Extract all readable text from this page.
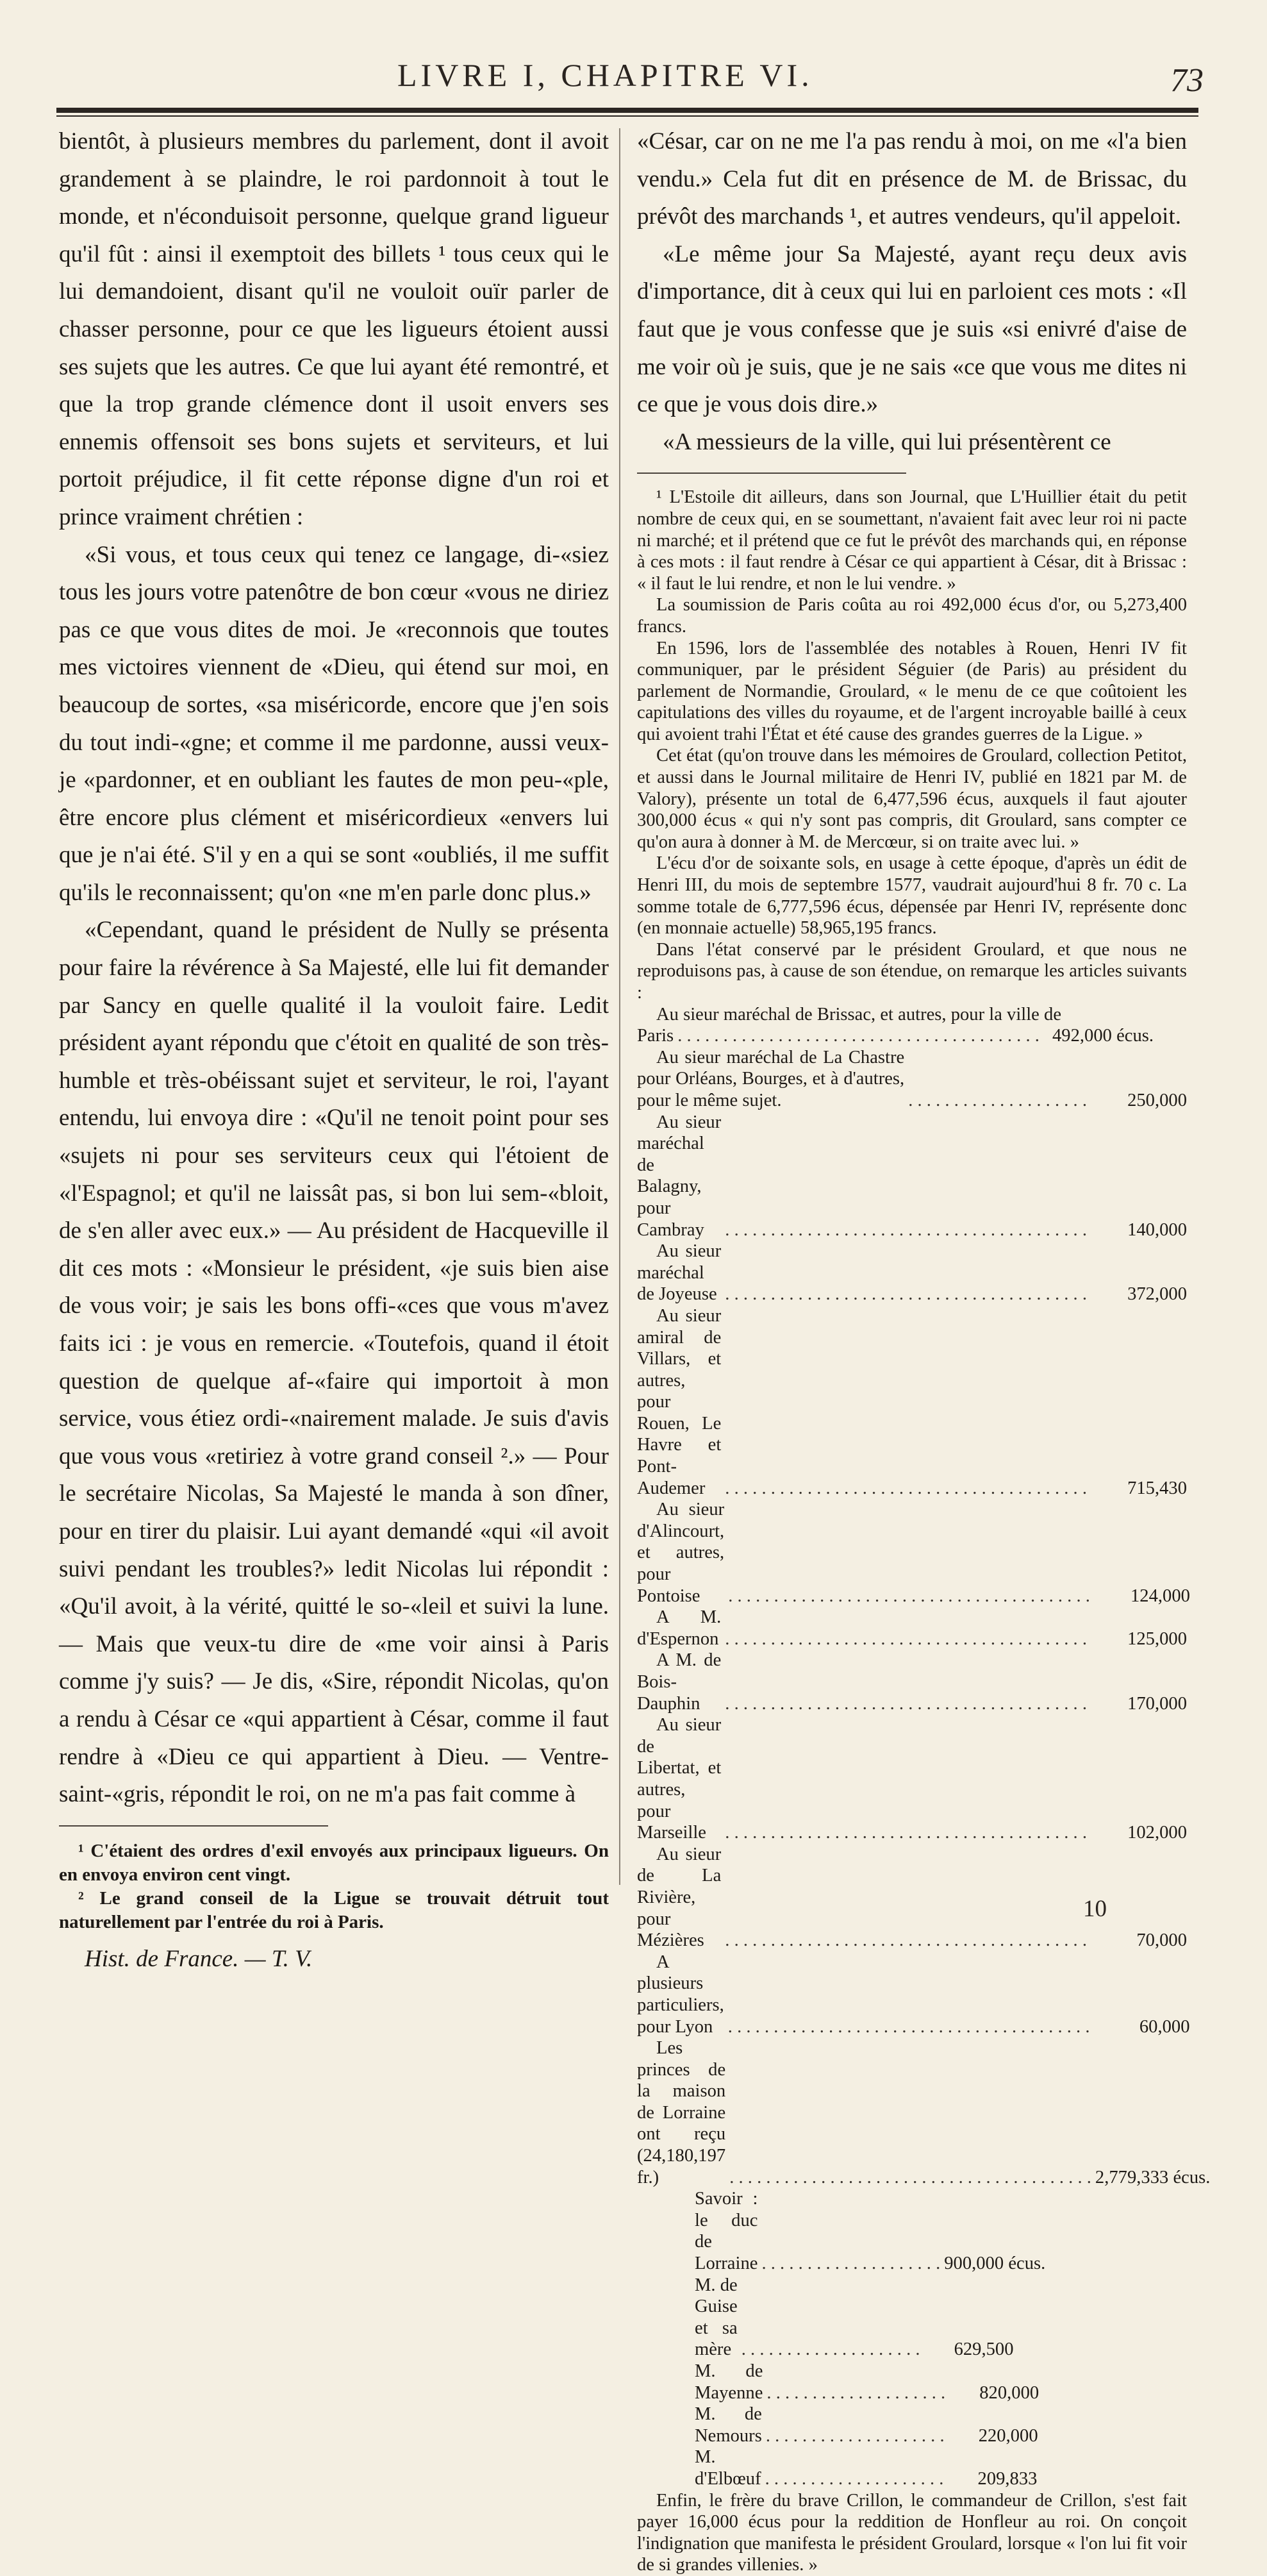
LIVRE I, CHAPITRE VI.	73

bientôt, à plusieurs membres du parlement, dont il avoit grandement à se plaindre, le roi pardonnoit à tout le monde, et n'éconduisoit personne, quelque grand ligueur qu'il fût : ainsi il exemptoit des billets ¹ tous ceux qui le lui demandoient, disant qu'il ne vouloit ouïr parler de chasser personne, pour ce que les ligueurs étoient aussi ses sujets que les autres. Ce que lui ayant été remontré, et que la trop grande clémence dont il usoit envers ses ennemis offensoit ses bons sujets et serviteurs, et lui portoit préjudice, il fit cette réponse digne d'un roi et prince vraiment chrétien :

«Si vous, et tous ceux qui tenez ce langage, di-«siez tous les jours votre patenôtre de bon cœur «vous ne diriez pas ce que vous dites de moi. Je «reconnois que toutes mes victoires viennent de «Dieu, qui étend sur moi, en beaucoup de sortes, «sa miséricorde, encore que j'en sois du tout indi-«gne; et comme il me pardonne, aussi veux-je «pardonner, et en oubliant les fautes de mon peu-«ple, être encore plus clément et miséricordieux «envers lui que je n'ai été. S'il y en a qui se sont «oubliés, il me suffit qu'ils le reconnaissent; qu'on «ne m'en parle donc plus.»

«Cependant, quand le président de Nully se présenta pour faire la révérence à Sa Majesté, elle lui fit demander par Sancy en quelle qualité il la vouloit faire. Ledit président ayant répondu que c'étoit en qualité de son très-humble et très-obéissant sujet et serviteur, le roi, l'ayant entendu, lui envoya dire : «Qu'il ne tenoit point pour ses «sujets ni pour ses serviteurs ceux qui l'étoient de «l'Espagnol; et qu'il ne laissât pas, si bon lui sem-«bloit, de s'en aller avec eux.» — Au président de Hacqueville il dit ces mots : «Monsieur le président, «je suis bien aise de vous voir; je sais les bons offi-«ces que vous m'avez faits ici : je vous en remercie. «Toutefois, quand il étoit question de quelque af-«faire qui importoit à mon service, vous étiez ordi-«nairement malade. Je suis d'avis que vous vous «retiriez à votre grand conseil ².» — Pour le secrétaire Nicolas, Sa Majesté le manda à son dîner, pour en tirer du plaisir. Lui ayant demandé «qui «il avoit suivi pendant les troubles?» ledit Nicolas lui répondit : «Qu'il avoit, à la vérité, quitté le so-«leil et suivi la lune. — Mais que veux-tu dire de «me voir ainsi à Paris comme j'y suis? — Je dis, «Sire, répondit Nicolas, qu'on a rendu à César ce «qui appartient à César, comme il faut rendre à «Dieu ce qui appartient à Dieu. — Ventre-saint-«gris, répondit le roi, on ne m'a pas fait comme à

¹ C'étaient des ordres d'exil envoyés aux principaux ligueurs. On en envoya environ cent vingt.

² Le grand conseil de la Ligue se trouvait détruit tout naturellement par l'entrée du roi à Paris.

Hist. de France. — T. V.

«César, car on ne me l'a pas rendu à moi, on me «l'a bien vendu.» Cela fut dit en présence de M. de Brissac, du prévôt des marchands ¹, et autres vendeurs, qu'il appeloit.

«Le même jour Sa Majesté, ayant reçu deux avis d'importance, dit à ceux qui lui en parloient ces mots : «Il faut que je vous confesse que je suis «si enivré d'aise de me voir où je suis, que je ne sais «ce que vous me dites ni ce que je vous dois dire.»

«A messieurs de la ville, qui lui présentèrent ce

¹ L'Estoile dit ailleurs, dans son Journal, que L'Huillier était du petit nombre de ceux qui, en se soumettant, n'avaient fait avec leur roi ni pacte ni marché; et il prétend que ce fut le prévôt des marchands qui, en réponse à ces mots : il faut rendre à César ce qui appartient à César, dit à Brissac : « il faut le lui rendre, et non le lui vendre. »

La soumission de Paris coûta au roi 492,000 écus d'or, ou 5,273,400 francs.

En 1596, lors de l'assemblée des notables à Rouen, Henri IV fit communiquer, par le président Séguier (de Paris) au président du parlement de Normandie, Groulard, « le menu de ce que coûtoient les capitulations des villes du royaume, et de l'argent incroyable baillé à ceux qui avoient trahi l'État et été cause des grandes guerres de la Ligue. »

Cet état (qu'on trouve dans les mémoires de Groulard, collection Petitot, et aussi dans le Journal militaire de Henri IV, publié en 1821 par M. de Valory), présente un total de 6,477,596 écus, auxquels il faut ajouter 300,000 écus « qui n'y sont pas compris, dit Groulard, sans compter ce qu'on aura à donner à M. de Mercœur, si on traite avec lui. »

L'écu d'or de soixante sols, en usage à cette époque, d'après un édit de Henri III, du mois de septembre 1577, vaudrait aujourd'hui 8 fr. 70 c. La somme totale de 6,777,596 écus, dépensée par Henri IV, représente donc (en monnaie actuelle) 58,965,195 francs.

Dans l'état conservé par le président Groulard, et que nous ne reproduisons pas, à cause de son étendue, on remarque les articles suivants :

Au sieur maréchal de Brissac, et autres, pour la ville de

Paris . . . . . . . . . . . . . . . . . . . . . . . . . . . . . . . . . . . . . . . . 492,000 écus.
Au sieur maréchal de La Chastre pour Orléans, Bourges, et à d'autres, pour le même sujet.	. . . . . . . . . . . . . . . . . . . .	250,000
Au sieur maréchal de Balagny, pour Cambray	. . . . . . . . . . . . . . . . . . . . . . . . . . . . . . . . . . . . . . . .	140,000
Au sieur maréchal de Joyeuse . . . . . . . . . . . . . . . . . . . . . . . . . . . . . . . . . . . . . . . .	372,000
Au sieur amiral de Villars, et autres, pour Rouen, Le Havre et Pont-Audemer	. . . . . . . . . . . . . . . . . . . . . . . . . . . . . . . . . . . . . . . .	715,430
Au sieur d'Alincourt, et autres, pour Pontoise	. . . . . . . . . . . . . . . . . . . . . . . . . . . . . . . . . . . . . . . .	124,000
A M. d'Espernon . . . . . . . . . . . . . . . . . . . . . . . . . . . . . . . . . . . . . . . .	125,000
A M. de Bois-Dauphin	. . . . . . . . . . . . . . . . . . . . . . . . . . . . . . . . . . . . . . . .	170,000
Au sieur de Libertat, et autres, pour Marseille	. . . . . . . . . . . . . . . . . . . . . . . . . . . . . . . . . . . . . . . .	102,000
Au sieur de La Rivière, pour Mézières	. . . . . . . . . . . . . . . . . . . . . . . . . . . . . . . . . . . . . . . .	70,000
A plusieurs particuliers, pour Lyon . . . . . . . . . . . . . . . . . . . . . . . . . . . . . . . . . . . . . . . .	60,000
Les princes de la maison de Lorraine ont reçu (24,180,197 fr.)	. . . . . . . . . . . . . . . . . . . . . . . . . . . . . . . . . . . . . . . . 2,779,333 écus.
Savoir : le duc de Lorraine . . . . . . . . . . . . . . . . . . . . 900,000 écus.
M. de Guise et sa mère . . . . . . . . . . . . . . . . . . . .	629,500
M. de Mayenne . . . . . . . . . . . . . . . . . . . .	820,000
M. de Nemours . . . . . . . . . . . . . . . . . . . .	220,000
M. d'Elbœuf . . . . . . . . . . . . . . . . . . . .	209,833

Enfin, le frère du brave Crillon, le commandeur de Crillon, s'est fait payer 16,000 écus pour la reddition de Honfleur au roi. On conçoit l'indignation que manifesta le président Groulard, lorsque « l'on lui fit voir de si grandes villenies. »

10
